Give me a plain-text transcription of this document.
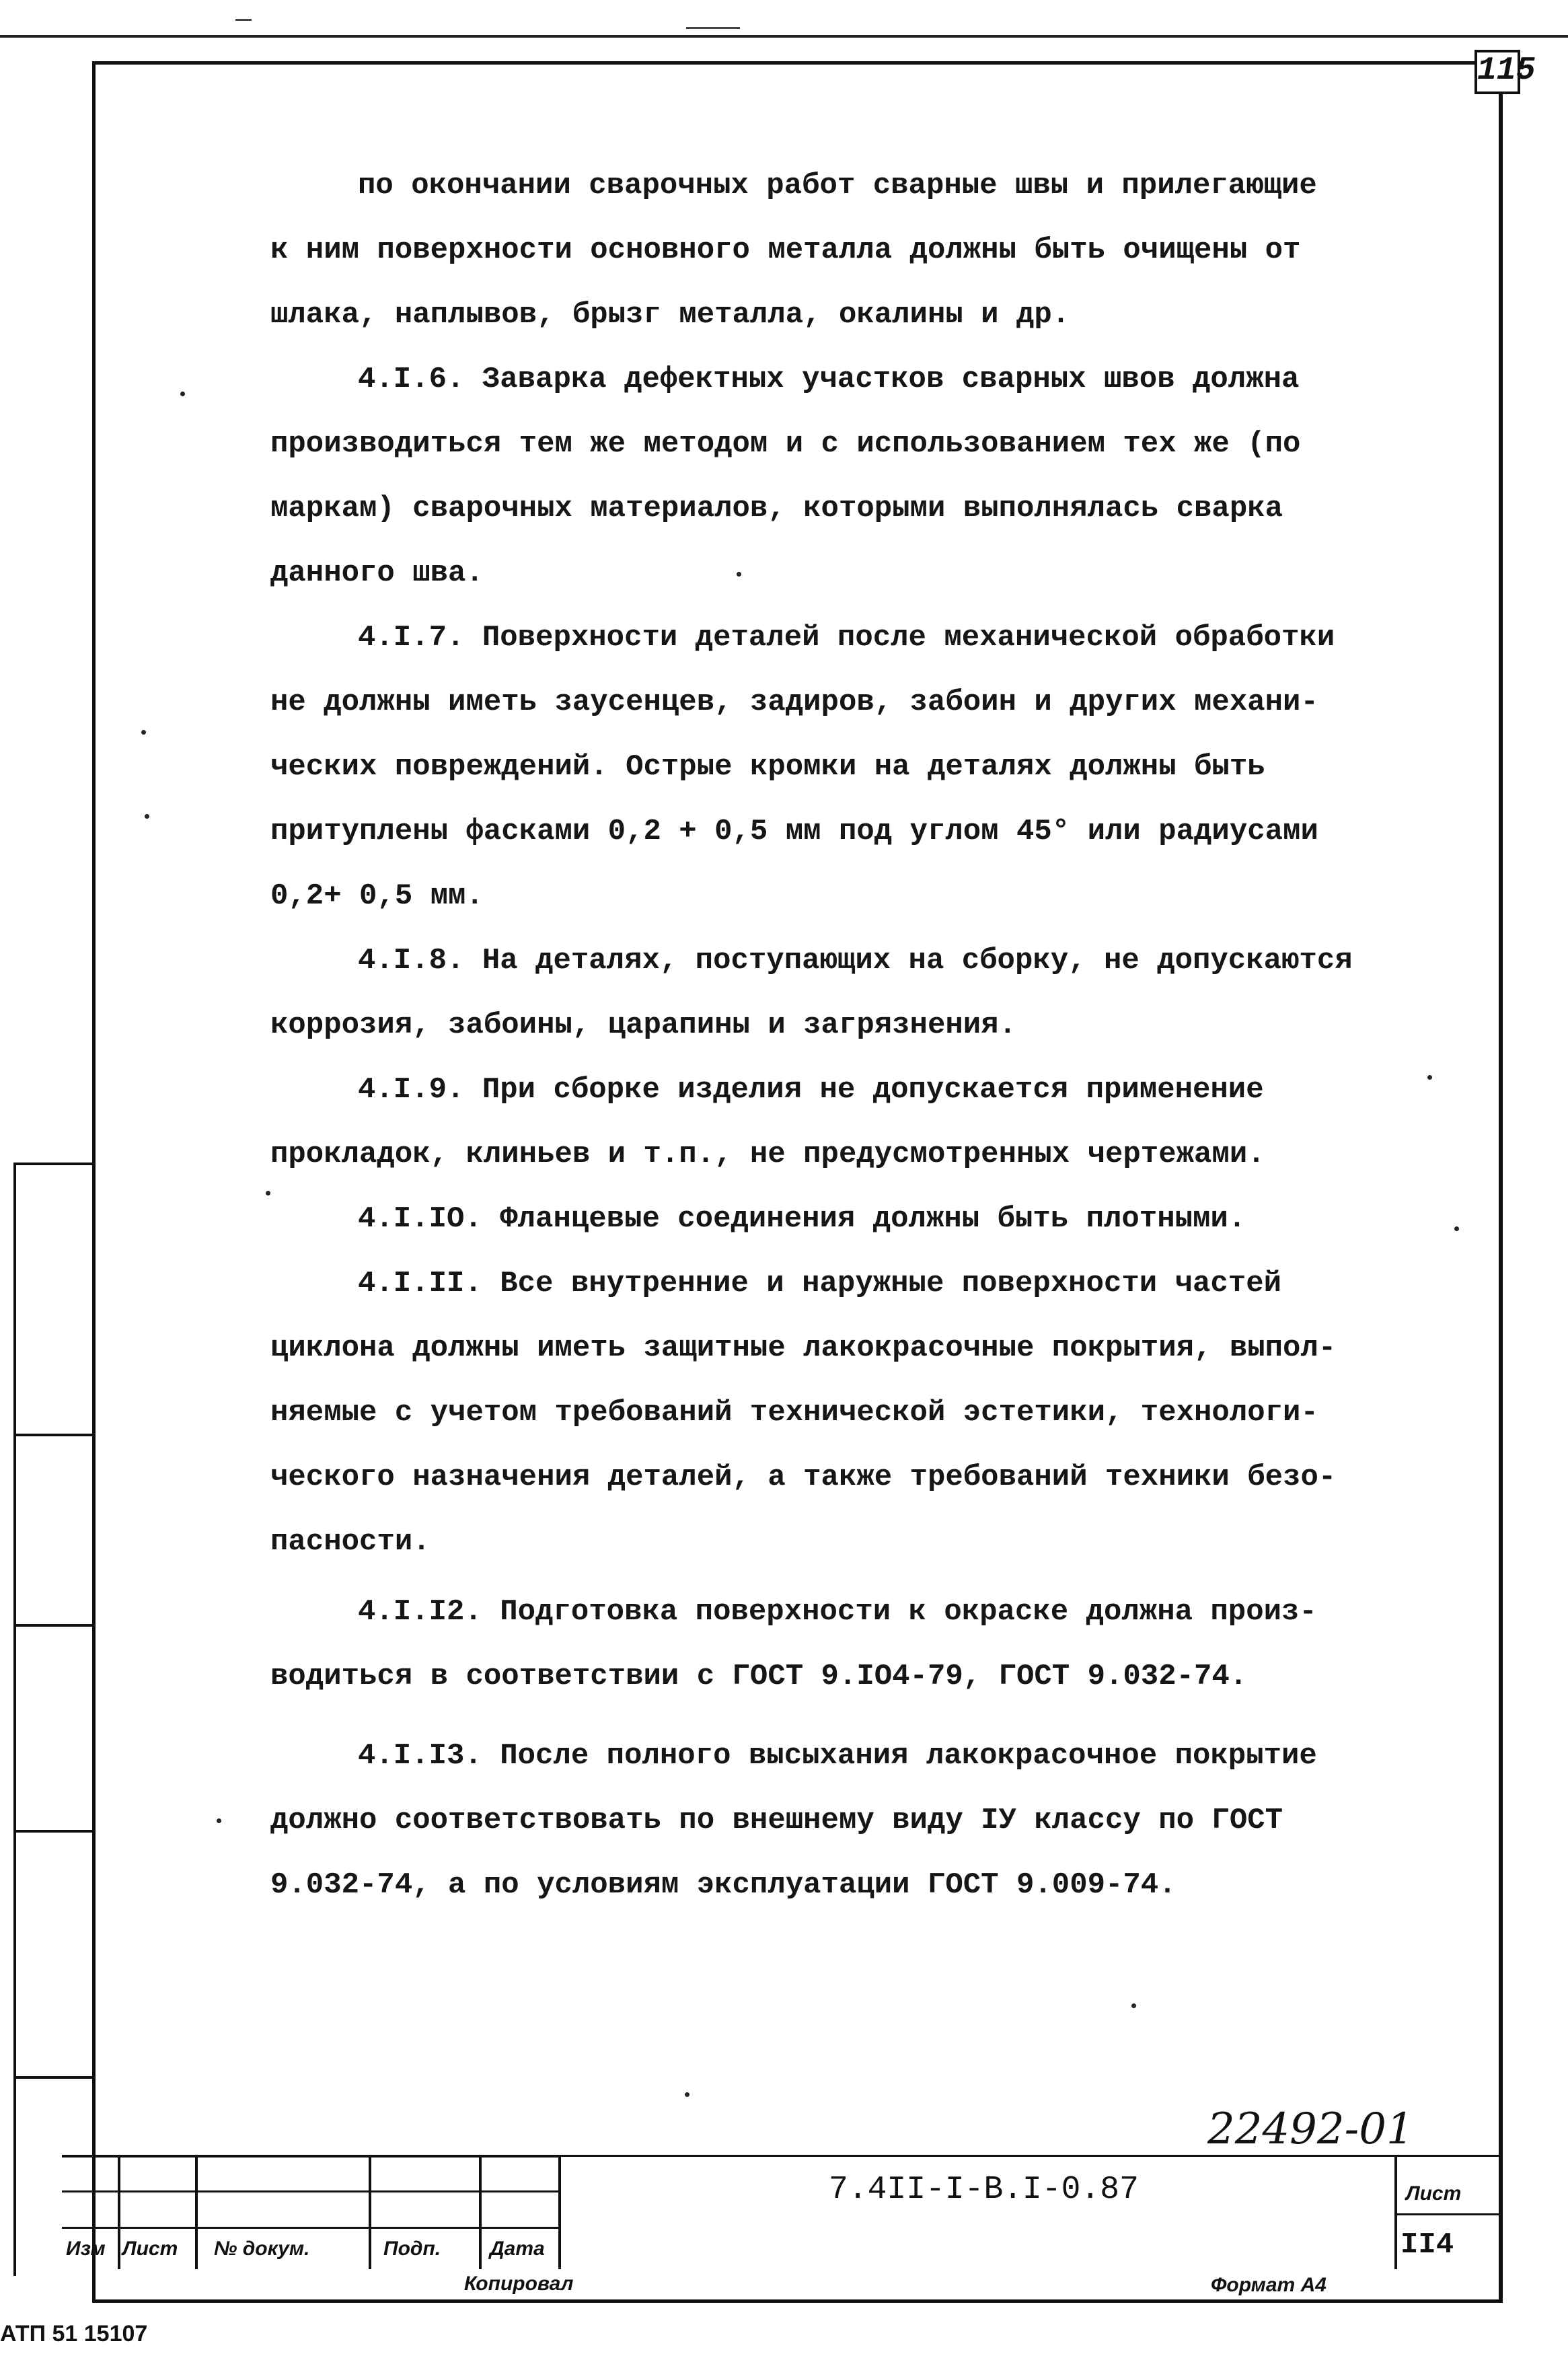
115

по окончании сварочных работ сварные швы и прилегающие

к ним поверхности основного металла должны быть очищены от
шлака, наплывов, брызг металла, окалины и др.

4.I.6. Заварка дефектных участков сварных швов должна
производиться тем же методом и с использованием тех же (по
маркам) сварочных материалов, которыми выполнялась сварка
данного шва.

4.I.7. Поверхности деталей после механической обработки
не должны иметь заусенцев, задиров, забоин и других механи-
ческих повреждений. Острые кромки на деталях должны быть
притуплены фасками 0,2 + 0,5 мм под углом 45° или радиусами
0,2+ 0,5 мм.

4.I.8. На деталях, поступающих на сборку, не допускаются
коррозия, забоины, царапины и загрязнения.

4.I.9. При сборке изделия не допускается применение
прокладок, клиньев и т.п., не предусмотренных чертежами.

4.I.IO. Фланцевые соединения должны быть плотными.

4.I.II. Все внутренние и наружные поверхности частей
циклона должны иметь защитные лакокрасочные покрытия, выпол-
няемые с учетом требований технической эстетики, технологи-
ческого назначения деталей, а также требований техники безо-
пасности.

4.I.I2. Подготовка поверхности к окраске должна произ-
водиться в соответствии с ГОСТ 9.IO4-79, ГОСТ 9.032-74.

4.I.I3. После полного высыхания лакокрасочное покрытие
должно соответствовать по внешнему виду IУ классу по ГОСТ
9.032-74, а по условиям эксплуатации ГОСТ 9.009-74.

22492-01
Изм Лист № докум.	Подп. Дата
7.4II-I-B.I-0.87	Лист
II4
Копировал	Формат А4
АТП 51 15107
